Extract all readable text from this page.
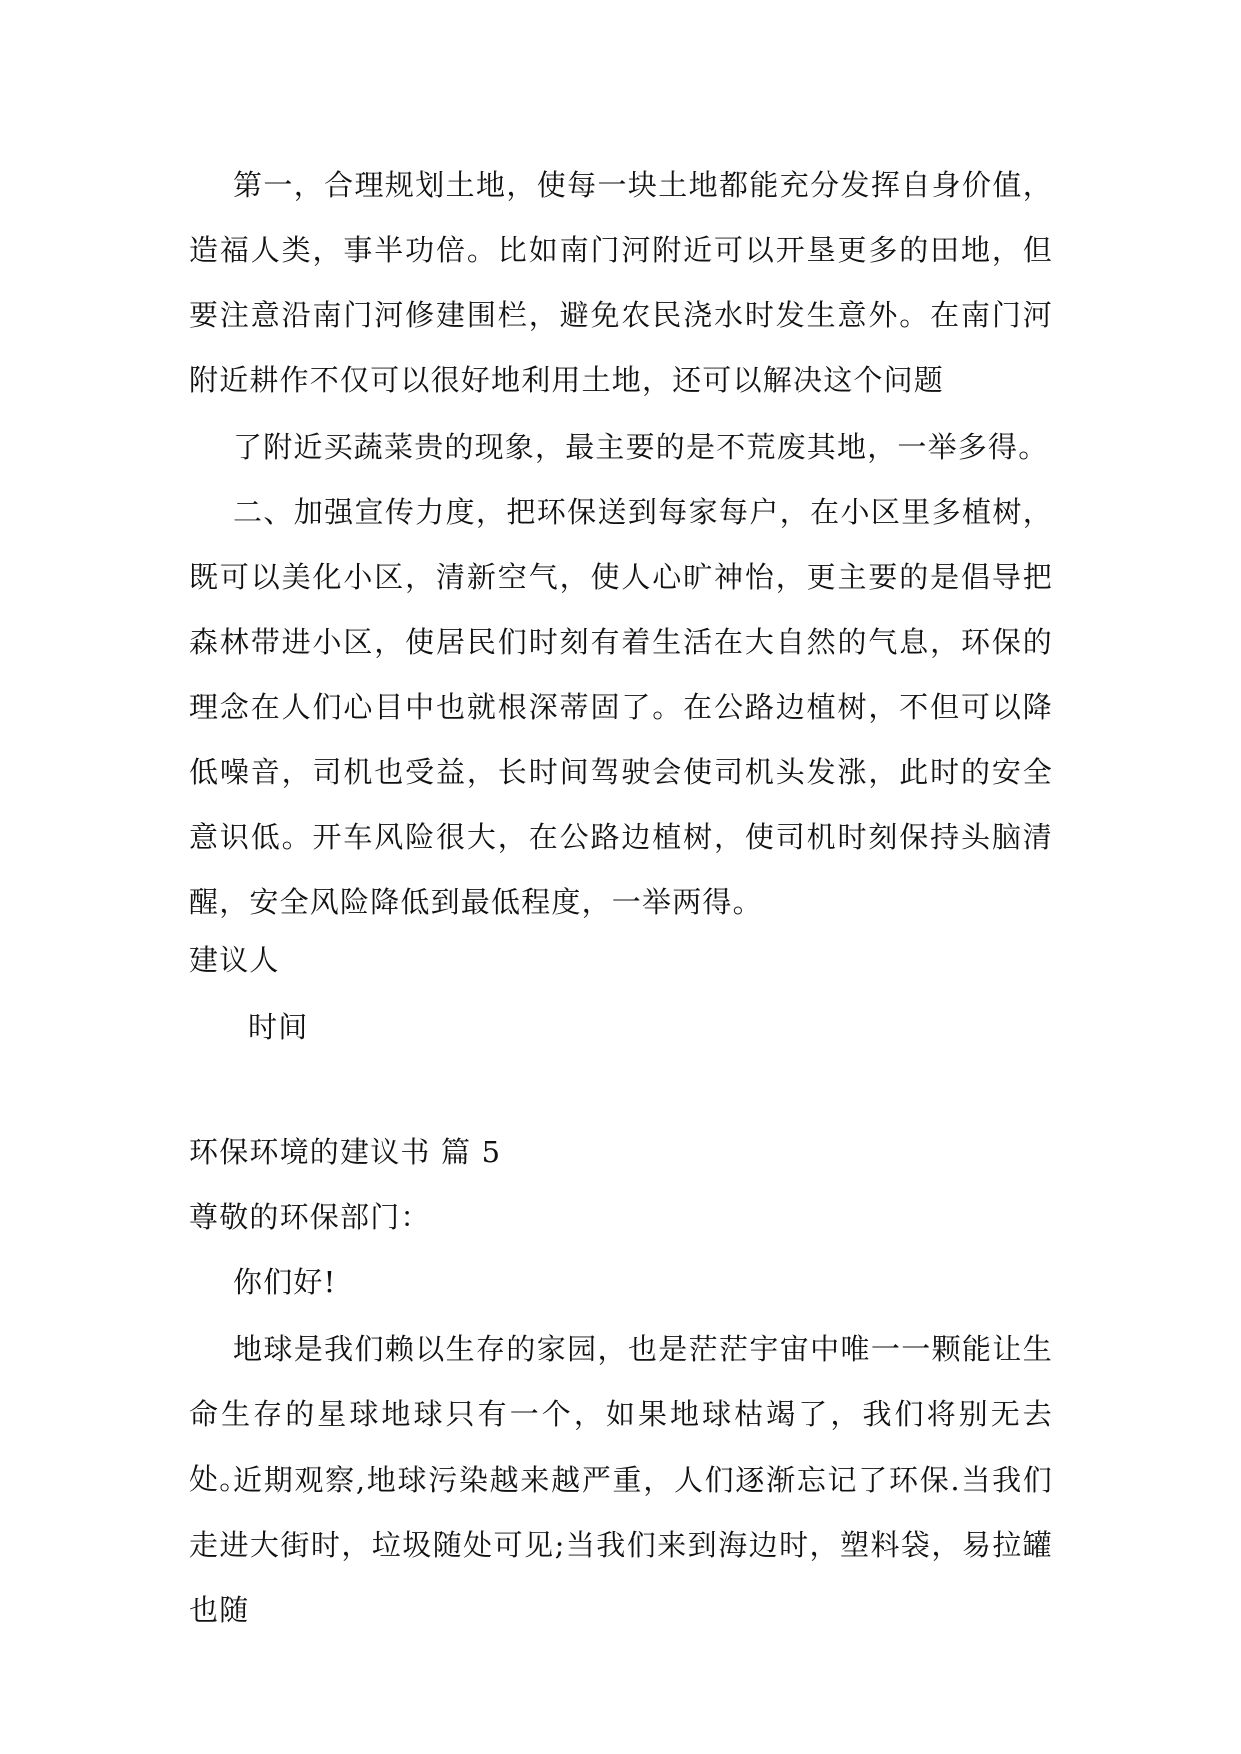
第一，合理规划土地，使每一块土地都能充分发挥自身价值，造福人类，事半功倍。比如南门河附近可以开垦更多的田地，但要注意沿南门河修建围栏，避免农民浇水时发生意外。在南门河附近耕作不仅可以很好地利用土地，还可以解决这个问题

了附近买蔬菜贵的现象，最主要的是不荒废其地，一举多得。

二、加强宣传力度，把环保送到每家每户，在小区里多植树，既可以美化小区，清新空气，使人心旷神怡，更主要的是倡导把森林带进小区，使居民们时刻有着生活在大自然的气息，环保的理念在人们心目中也就根深蒂固了。在公路边植树，不但可以降低噪音，司机也受益，长时间驾驶会使司机头发涨，此时的安全意识低。开车风险很大，在公路边植树，使司机时刻保持头脑清醒，安全风险降低到最低程度，一举两得。

建议人

时间

环保环境的建议书 篇 5

尊敬的环保部门：

你们好!

地球是我们赖以生存的家园，也是茫茫宇宙中唯一一颗能让生命生存的星球地球只有一个，如果地球枯竭了，我们将别无去处。

近期观察,地球污染越来越严重，人们逐渐忘记了环保.当我们走进大街时，垃圾随处可见;当我们来到海边时，塑料袋，易拉罐也随
